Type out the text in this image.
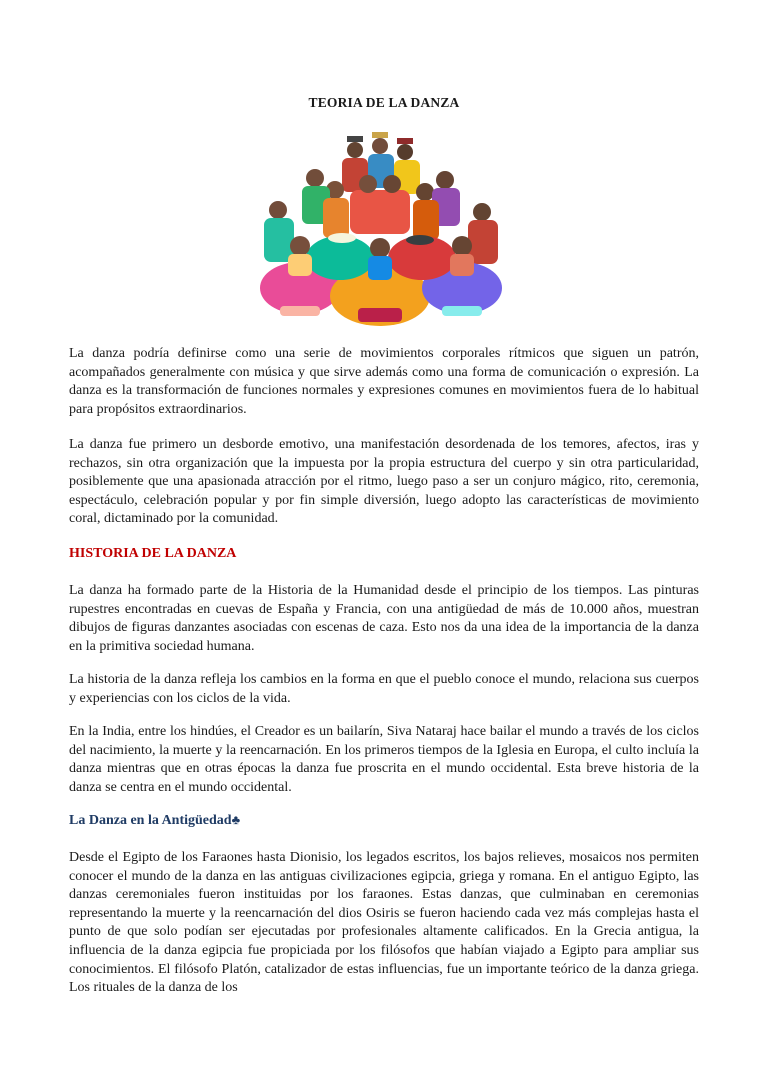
TEORIA DE LA DANZA

La danza podría definirse como una serie de movimientos corporales rítmicos que siguen un patrón, acompañados generalmente con música y que sirve además como una forma de comunicación o expresión. La danza es la transformación de funciones normales y expresiones comunes en movimientos fuera de lo habitual para propósitos extraordinarios.

La danza fue primero un desborde emotivo, una manifestación desordenada de los temores, afectos, iras y rechazos, sin otra organización que la impuesta por la propia estructura del cuerpo y sin otra particularidad, posiblemente que una apasionada atracción por el ritmo, luego paso a ser un conjuro mágico, rito, ceremonia, espectáculo, celebración popular y por fin simple diversión, luego adopto las características de movimiento coral, dictaminado por la comunidad.

HISTORIA DE LA DANZA

La danza ha formado parte de la Historia de la Humanidad desde el principio de los tiempos. Las pinturas rupestres encontradas en cuevas de España y Francia, con una antigüedad de más de 10.000 años, muestran dibujos de figuras danzantes asociadas con escenas de caza. Esto nos da una idea de la importancia de la danza en la primitiva sociedad humana.

La historia de la danza refleja los cambios en la forma en que el pueblo conoce el mundo, relaciona sus cuerpos y experiencias con los ciclos de la vida.

En la India, entre los hindúes, el Creador es un bailarín, Siva Nataraj hace bailar el mundo a través de los ciclos del nacimiento, la muerte y la reencarnación. En los primeros tiempos de la Iglesia en Europa, el culto incluía la danza mientras que en otras épocas la danza fue proscrita en el mundo occidental. Esta breve historia de la danza se centra en el mundo occidental.

La Danza en la Antigüedad♣

Desde el Egipto de los Faraones hasta Dionisio, los legados escritos, los bajos relieves, mosaicos nos permiten conocer el mundo de la danza en las antiguas civilizaciones egipcia, griega y romana. En el antiguo Egipto, las danzas ceremoniales fueron instituidas por los faraones. Estas danzas, que culminaban en ceremonias representando la muerte y la reencarnación del dios Osiris se fueron haciendo cada vez más complejas hasta el punto de que solo podían ser ejecutadas por profesionales altamente calificados. En la Grecia antigua, la influencia de la danza egipcia fue propiciada por los filósofos que habían viajado a Egipto para ampliar sus conocimientos. El filósofo Platón, catalizador de estas influencias, fue un importante teórico de la danza griega. Los rituales de la danza de los
